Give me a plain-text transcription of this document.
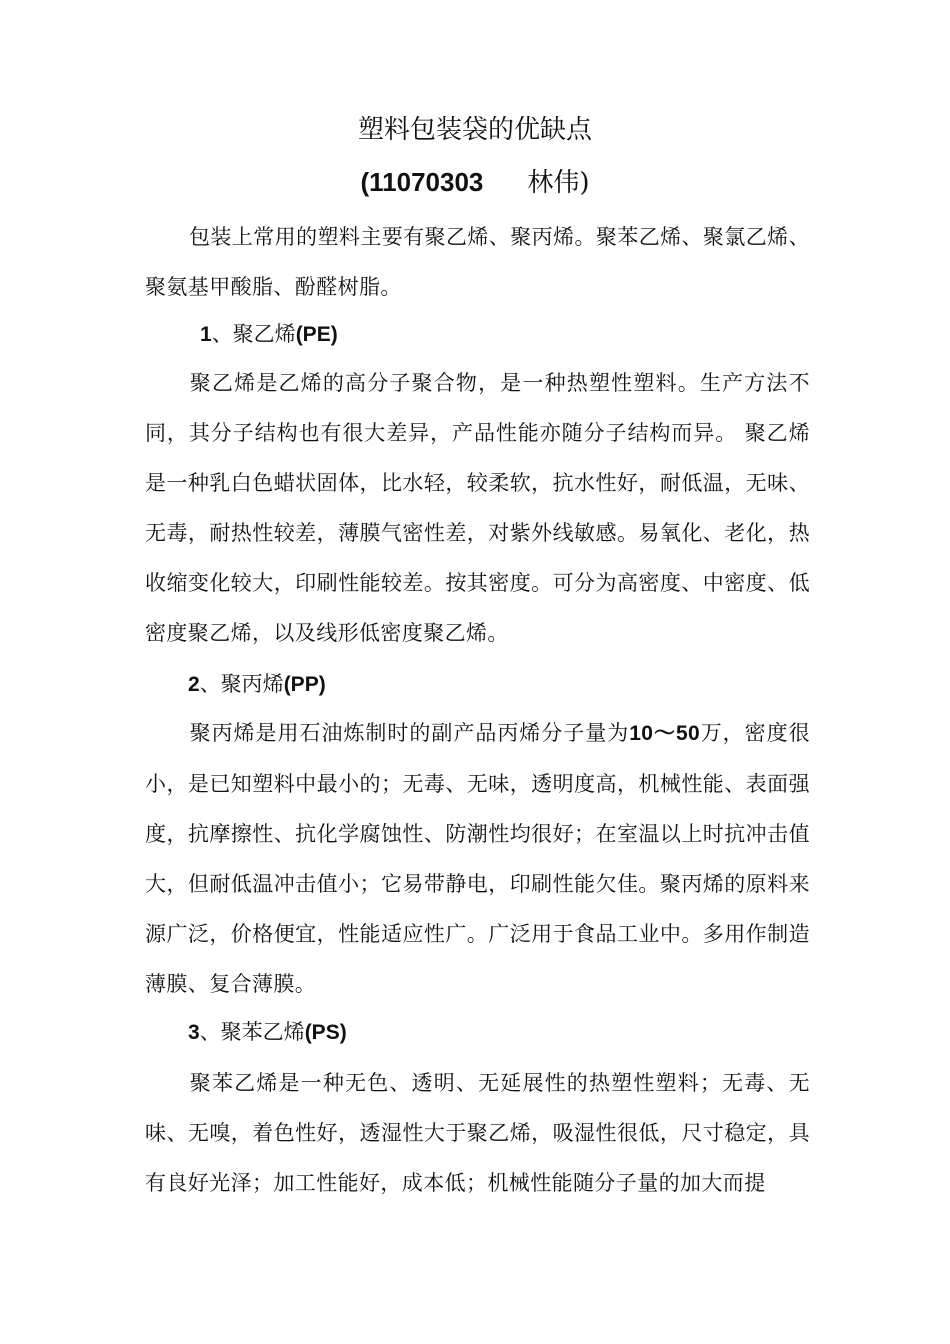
塑料包装袋的优缺点
(11070303 林伟)
包装上常用的塑料主要有聚乙烯、聚丙烯。聚苯乙烯、聚氯乙烯、聚氨基甲酸脂、酚醛树脂。
1、聚乙烯(PE)
聚乙烯是乙烯的高分子聚合物，是一种热塑性塑料。生产方法不同，其分子结构也有很大差异，产品性能亦随分子结构而异。 聚乙烯是一种乳白色蜡状固体，比水轻，较柔软，抗水性好，耐低温，无味、无毒，耐热性较差，薄膜气密性差，对紫外线敏感。易氧化、老化，热收缩变化较大，印刷性能较差。按其密度。可分为高密度、中密度、低密度聚乙烯，以及线形低密度聚乙烯。
2、聚丙烯(PP)
聚丙烯是用石油炼制时的副产品丙烯分子量为10～50万，密度很小，是已知塑料中最小的；无毒、无味，透明度高，机械性能、表面强度，抗摩擦性、抗化学腐蚀性、防潮性均很好；在室温以上时抗冲击值大，但耐低温冲击值小；它易带静电，印刷性能欠佳。聚丙烯的原料来源广泛，价格便宜，性能适应性广。广泛用于食品工业中。多用作制造薄膜、复合薄膜。
3、聚苯乙烯(PS)
聚苯乙烯是一种无色、透明、无延展性的热塑性塑料；无毒、无味、无嗅，着色性好，透湿性大于聚乙烯，吸湿性很低，尺寸稳定，具有良好光泽；加工性能好，成本低；机械性能随分子量的加大而提
